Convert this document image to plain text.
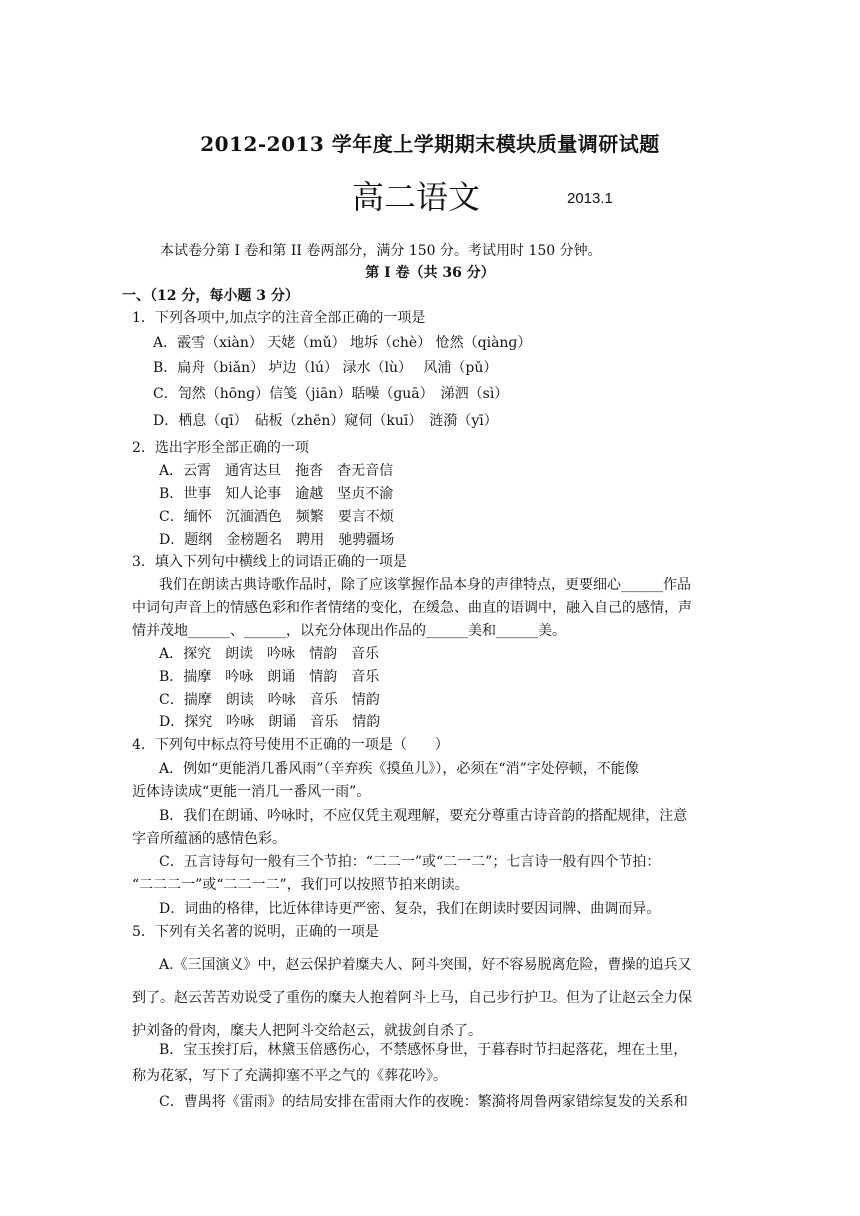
2012-2013 学年度上学期期末模块质量调研试题
高二语文	2013.1
本试卷分第 I 卷和第 II 卷两部分，满分 150 分。考试用时 150 分钟。
第 I 卷（共 36 分）
一、（12 分，每小题 3 分）
1．下列各项中,加点字的注音全部正确的一项是
A．霰雪（xiàn） 天姥（mǔ） 地坼（chè） 怆然（qiànɡ）
B．扁舟（biǎn） 垆边（lú） 渌水（lù）　 风浦（pǔ）
C．訇然（hōnɡ）信笺（jiān）聒噪（ɡuā）　涕泗（sì）
D．栖息（qī）　砧板（zhēn）窥伺（kuī）　涟漪（yī）
2．选出字形全部正确的一项
A．云霄　通宵达旦　拖沓　杳无音信
B．世事　知人论事　逾越　坚贞不渝
C．缅怀　沉湎酒色　频繁　要言不烦
D．题纲　金榜题名　聘用　驰骋疆场
3．填入下列句中横线上的词语正确的一项是
我们在朗读古典诗歌作品时，除了应该掌握作品本身的声律特点，更要细心______作品
中词句声音上的情感色彩和作者情绪的变化，在缓急、曲直的语调中，融入自己的感情，声
情并茂地______、______，以充分体现出作品的______美和______美。
A．探究　朗读　吟咏　情韵　音乐
B．揣摩　吟咏　朗诵　情韵　音乐
C．揣摩　朗读　吟咏　音乐　情韵
D．探究　吟咏　朗诵　音乐　情韵
4．下列句中标点符号使用不正确的一项是（　　）
A．例如“更能消几番风雨”（辛弃疾《摸鱼儿》），必须在“消”字处停顿，不能像
近体诗读成“更能一消几一番风一雨”。
B．我们在朗诵、吟咏时，不应仅凭主观理解，要充分尊重古诗音韵的搭配规律，注意
字音所蕴涵的感情色彩。
C．五言诗每句一般有三个节拍：“二二一”或“二一二”；七言诗一般有四个节拍：
“二二二一”或“二二一二”，我们可以按照节拍来朗读。
D．词曲的格律，比近体律诗更严密、复杂，我们在朗读时要因词牌、曲调而异。
5．下列有关名著的说明，正确的一项是
A.《三国演义》中，赵云保护着糜夫人、阿斗突围，好不容易脱离危险，曹操的追兵又
到了。赵云苦苦劝说受了重伤的糜夫人抱着阿斗上马，自己步行护卫。但为了让赵云全力保
护刘备的骨肉，糜夫人把阿斗交给赵云，就拔剑自杀了。
B．宝玉挨打后，林黛玉倍感伤心，不禁感怀身世，于暮春时节扫起落花，埋在土里，
称为花冢，写下了充满抑塞不平之气的《葬花吟》。
C．曹禺将《雷雨》的结局安排在雷雨大作的夜晚：繁漪将周鲁两家错综复发的关系和
